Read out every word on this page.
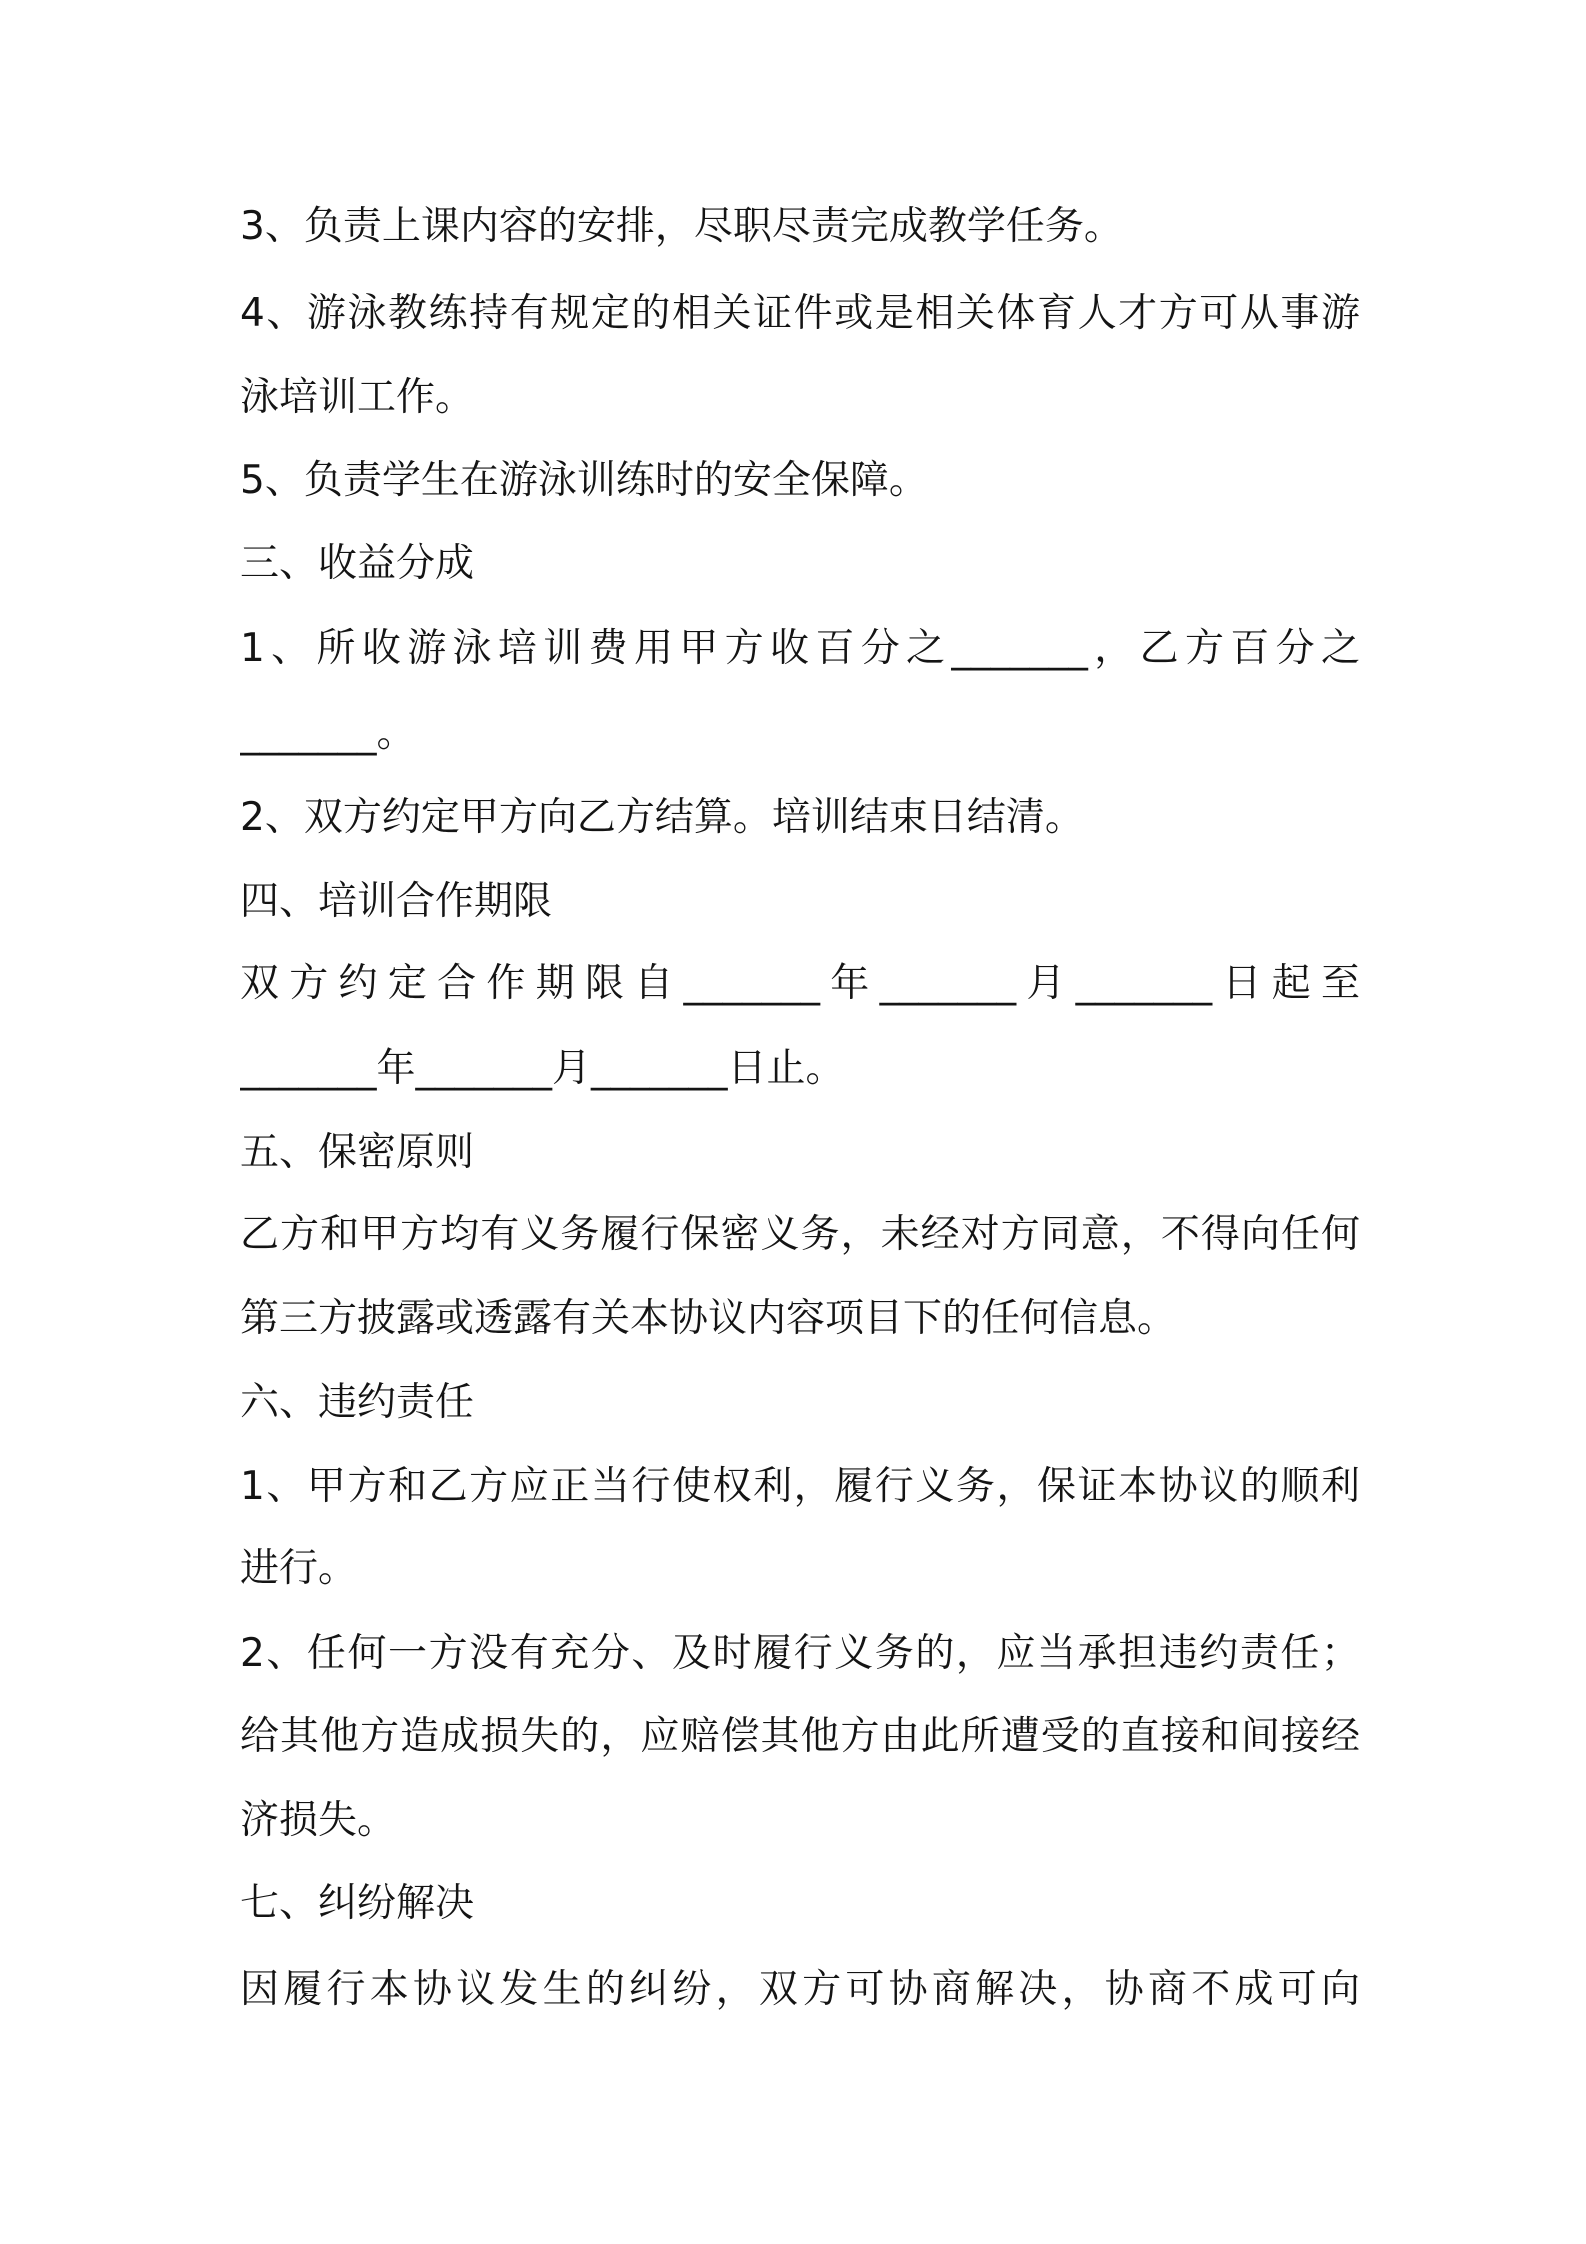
3、负责上课内容的安排，尽职尽责完成教学任务。
4、游泳教练持有规定的相关证件或是相关体育人才方可从事游
泳培训工作。
5、负责学生在游泳训练时的安全保障。
三、收益分成
1、所收游泳培训费用甲方收百分之_______，乙方百分之
_______。
2、双方约定甲方向乙方结算。培训结束日结清。
四、培训合作期限
双方约定合作期限自_______年_______月_______日起至
_______年_______月_______日止。
五、保密原则
乙方和甲方均有义务履行保密义务，未经对方同意，不得向任何
第三方披露或透露有关本协议内容项目下的任何信息。
六、违约责任
1、甲方和乙方应正当行使权利，履行义务，保证本协议的顺利
进行。
2、任何一方没有充分、及时履行义务的，应当承担违约责任；
给其他方造成损失的，应赔偿其他方由此所遭受的直接和间接经
济损失。
七、纠纷解决
因履行本协议发生的纠纷，双方可协商解决，协商不成可向
